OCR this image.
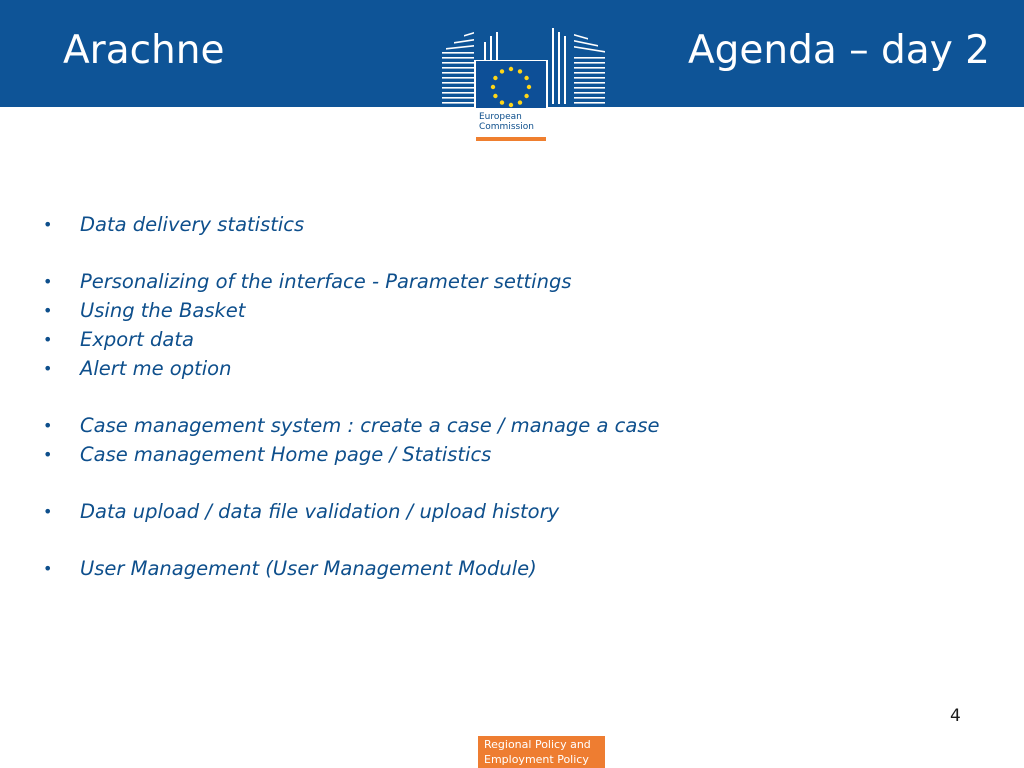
Arachne	Agenda – day 2
European
Commission
• Data delivery statistics
• Personalizing of the interface - Parameter settings
• Using the Basket
• Export data
• Alert me option
• Case management system : create a case / manage a case
• Case management Home page / Statistics
• Data upload / data file validation / upload history
• User Management (User Management Module)
4
Regional Policy and
Employment Policy
